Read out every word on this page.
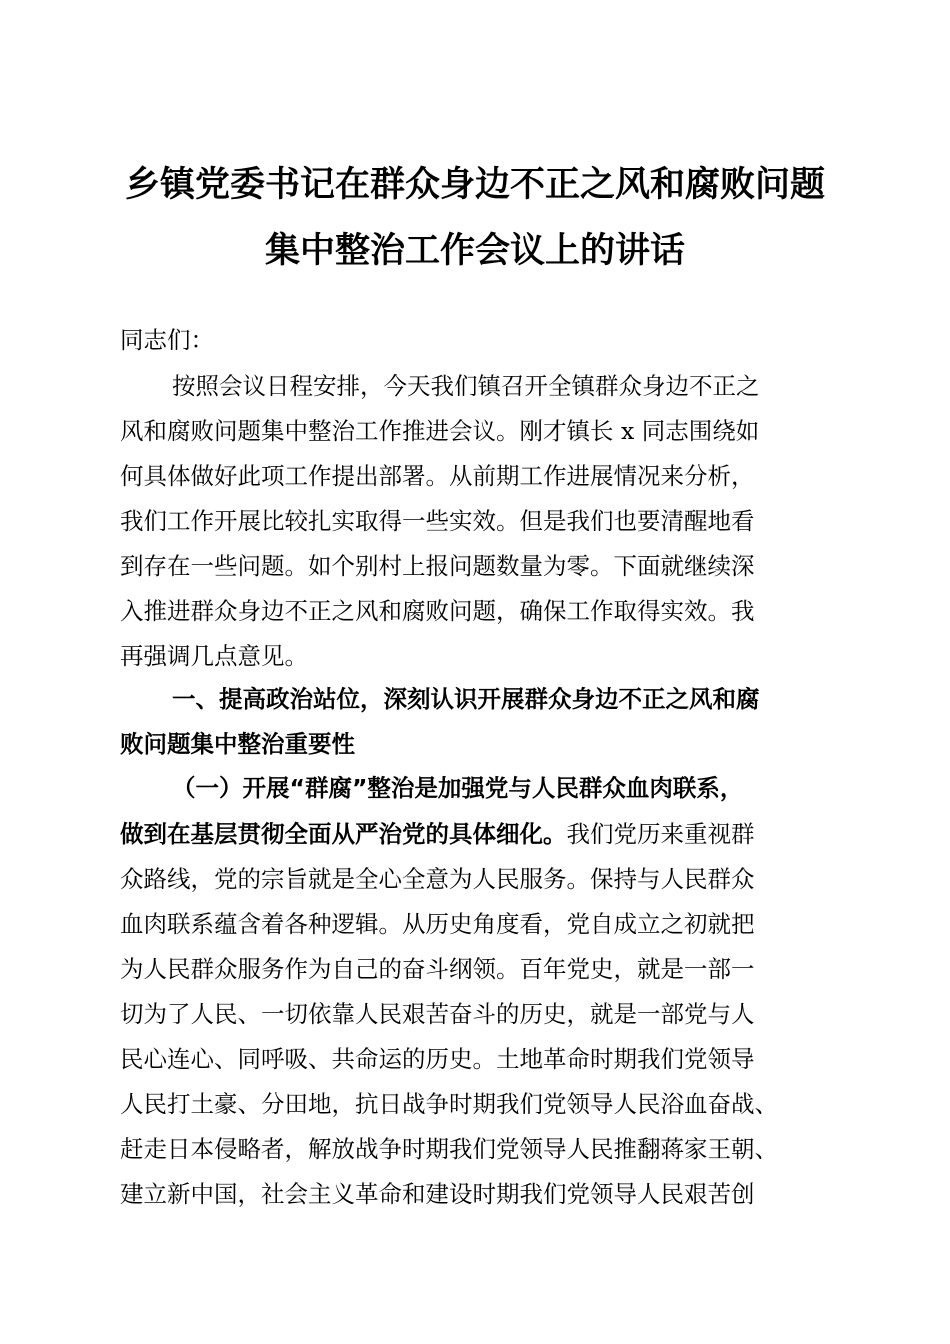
乡镇党委书记在群众身边不正之风和腐败问题
集中整治工作会议上的讲话

同志们：

按照会议日程安排，今天我们镇召开全镇群众身边不正之

风和腐败问题集中整治工作推进会议。刚才镇长 x 同志围绕如

何具体做好此项工作提出部署。从前期工作进展情况来分析，

我们工作开展比较扎实取得一些实效。但是我们也要清醒地看

到存在一些问题。如个别村上报问题数量为零。下面就继续深

入推进群众身边不正之风和腐败问题，确保工作取得实效。我

再强调几点意见。

一、提高政治站位，深刻认识开展群众身边不正之风和腐

败问题集中整治重要性

（一）开展“群腐”整治是加强党与人民群众血肉联系，

做到在基层贯彻全面从严治党的具体细化。我们党历来重视群

众路线，党的宗旨就是全心全意为人民服务。保持与人民群众

血肉联系蕴含着各种逻辑。从历史角度看，党自成立之初就把

为人民群众服务作为自己的奋斗纲领。百年党史，就是一部一

切为了人民、一切依靠人民艰苦奋斗的历史，就是一部党与人

民心连心、同呼吸、共命运的历史。土地革命时期我们党领导

人民打土豪、分田地，抗日战争时期我们党领导人民浴血奋战、

赶走日本侵略者，解放战争时期我们党领导人民推翻蒋家王朝、

建立新中国，社会主义革命和建设时期我们党领导人民艰苦创
